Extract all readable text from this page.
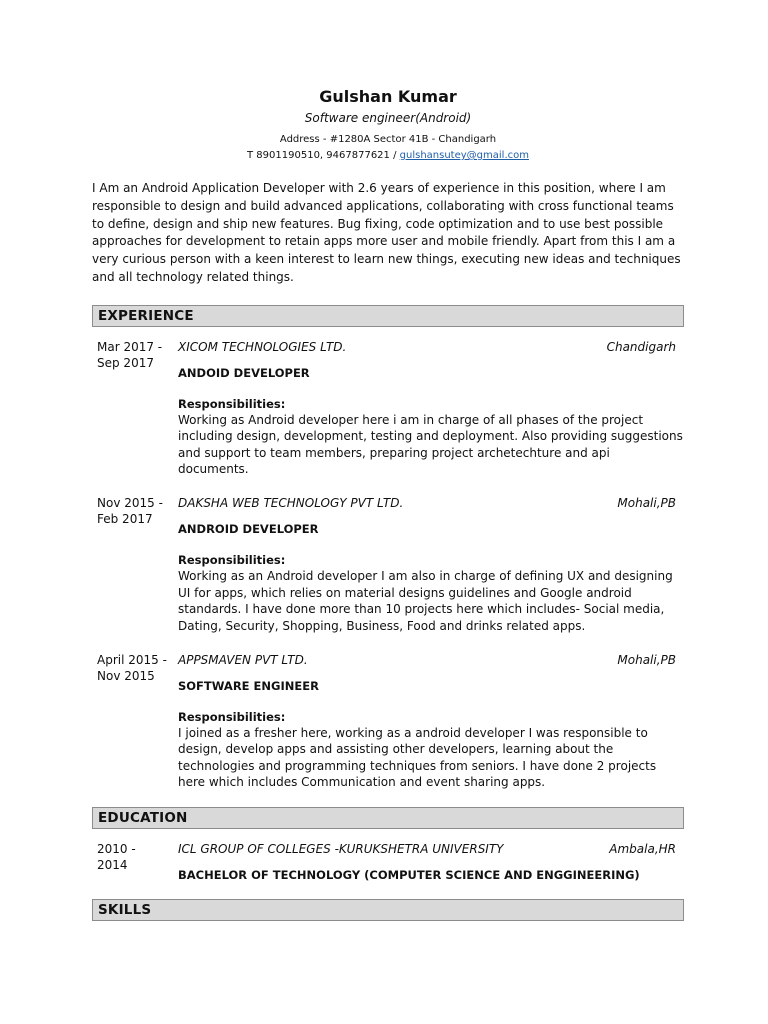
Gulshan Kumar
Software engineer(Android)
Address - #1280A Sector 41B - Chandigarh
T 8901190510, 9467877621 / gulshansutey@gmail.com
I Am an Android Application Developer with 2.6 years of experience in this position, where I am responsible to design and build advanced applications, collaborating with cross functional teams to define, design and ship new features. Bug fixing, code optimization and to use best possible approaches for development to retain apps more user and mobile friendly. Apart from this I am a very curious person with a keen interest to learn new things, executing new ideas and techniques and all technology related things.
EXPERIENCE
Mar 2017 - Sep 2017
XICOM TECHNOLOGIES LTD.	Chandigarh
ANDOID DEVELOPER
Responsibilities:
Working as Android developer here i am in charge of all phases of the project including design, development, testing and deployment. Also providing suggestions and support to team members, preparing project archetechture and api documents.
Nov 2015 - Feb 2017
DAKSHA WEB TECHNOLOGY PVT LTD.	Mohali,PB
ANDROID DEVELOPER
Responsibilities:
Working as an Android developer I am also in charge of defining UX and designing UI for apps, which relies on material designs guidelines and Google android standards. I have done more than 10 projects here which includes- Social media, Dating, Security, Shopping, Business, Food and drinks related apps.
April 2015 - Nov 2015
APPSMAVEN PVT LTD.	Mohali,PB
SOFTWARE ENGINEER
Responsibilities:
I joined as a fresher here, working as a android developer I was responsible to design, develop apps and assisting other developers, learning about the technologies and programming techniques from seniors. I have done 2 projects here which includes Communication and event sharing apps.
EDUCATION
2010 - 2014
ICL GROUP OF COLLEGES -KURUKSHETRA UNIVERSITY	Ambala,HR
BACHELOR OF TECHNOLOGY (COMPUTER SCIENCE AND ENGGINEERING)
SKILLS
